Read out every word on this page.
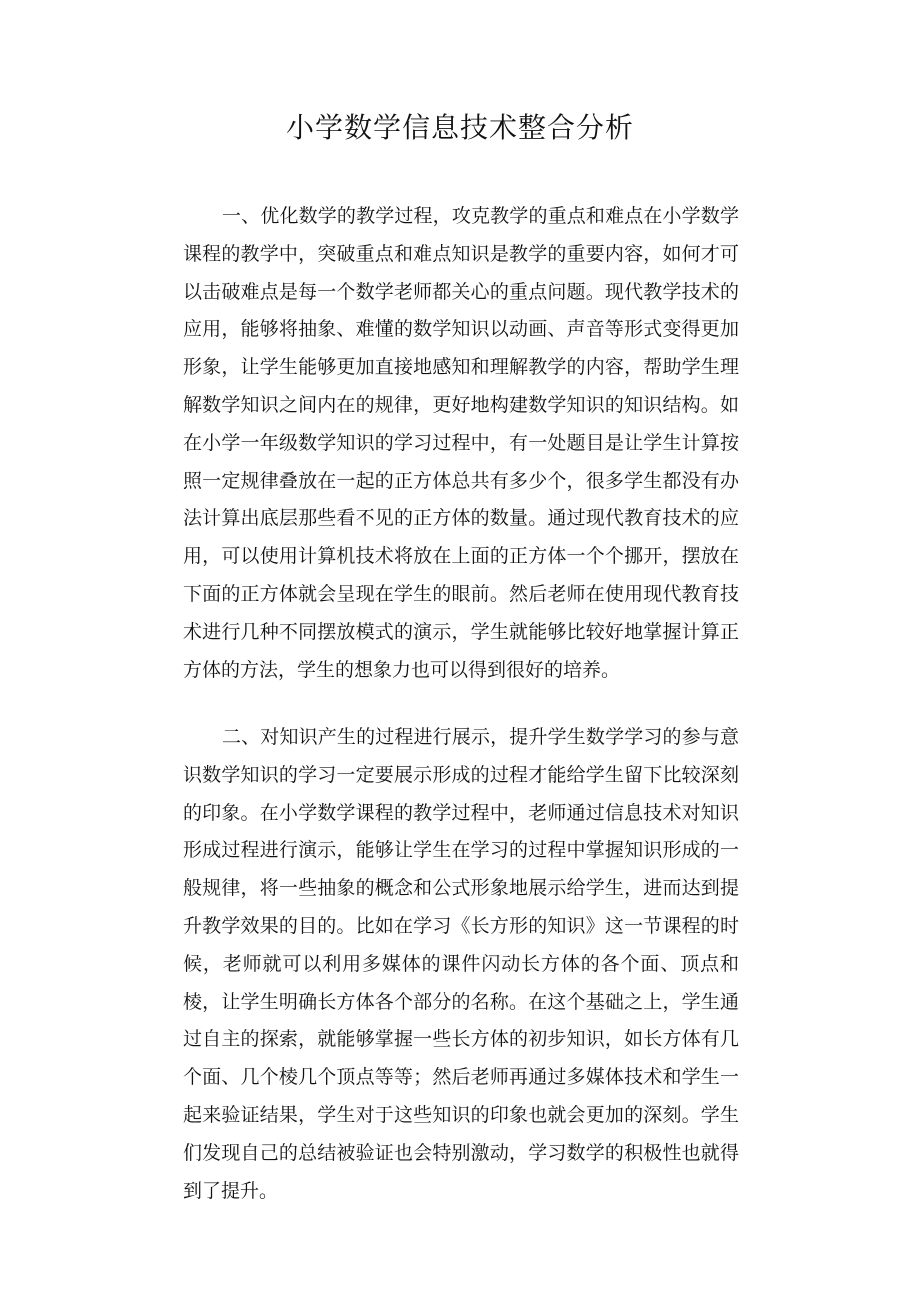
小学数学信息技术整合分析

一、优化数学的教学过程，攻克教学的重点和难点在小学数学课程的教学中，突破重点和难点知识是教学的重要内容，如何才可以击破难点是每一个数学老师都关心的重点问题。现代教学技术的应用，能够将抽象、难懂的数学知识以动画、声音等形式变得更加形象，让学生能够更加直接地感知和理解教学的内容，帮助学生理解数学知识之间内在的规律，更好地构建数学知识的知识结构。如在小学一年级数学知识的学习过程中，有一处题目是让学生计算按照一定规律叠放在一起的正方体总共有多少个，很多学生都没有办法计算出底层那些看不见的正方体的数量。通过现代教育技术的应用，可以使用计算机技术将放在上面的正方体一个个挪开，摆放在下面的正方体就会呈现在学生的眼前。然后老师在使用现代教育技术进行几种不同摆放模式的演示，学生就能够比较好地掌握计算正方体的方法，学生的想象力也可以得到很好的培养。

二、对知识产生的过程进行展示，提升学生数学学习的参与意识数学知识的学习一定要展示形成的过程才能给学生留下比较深刻的印象。在小学数学课程的教学过程中，老师通过信息技术对知识形成过程进行演示，能够让学生在学习的过程中掌握知识形成的一般规律，将一些抽象的概念和公式形象地展示给学生，进而达到提升教学效果的目的。比如在学习《长方形的知识》这一节课程的时候，老师就可以利用多媒体的课件闪动长方体的各个面、顶点和棱，让学生明确长方体各个部分的名称。在这个基础之上，学生通过自主的探索，就能够掌握一些长方体的初步知识，如长方体有几个面、几个棱几个顶点等等；然后老师再通过多媒体技术和学生一起来验证结果，学生对于这些知识的印象也就会更加的深刻。学生们发现自己的总结被验证也会特别激动，学习数学的积极性也就得到了提升。
